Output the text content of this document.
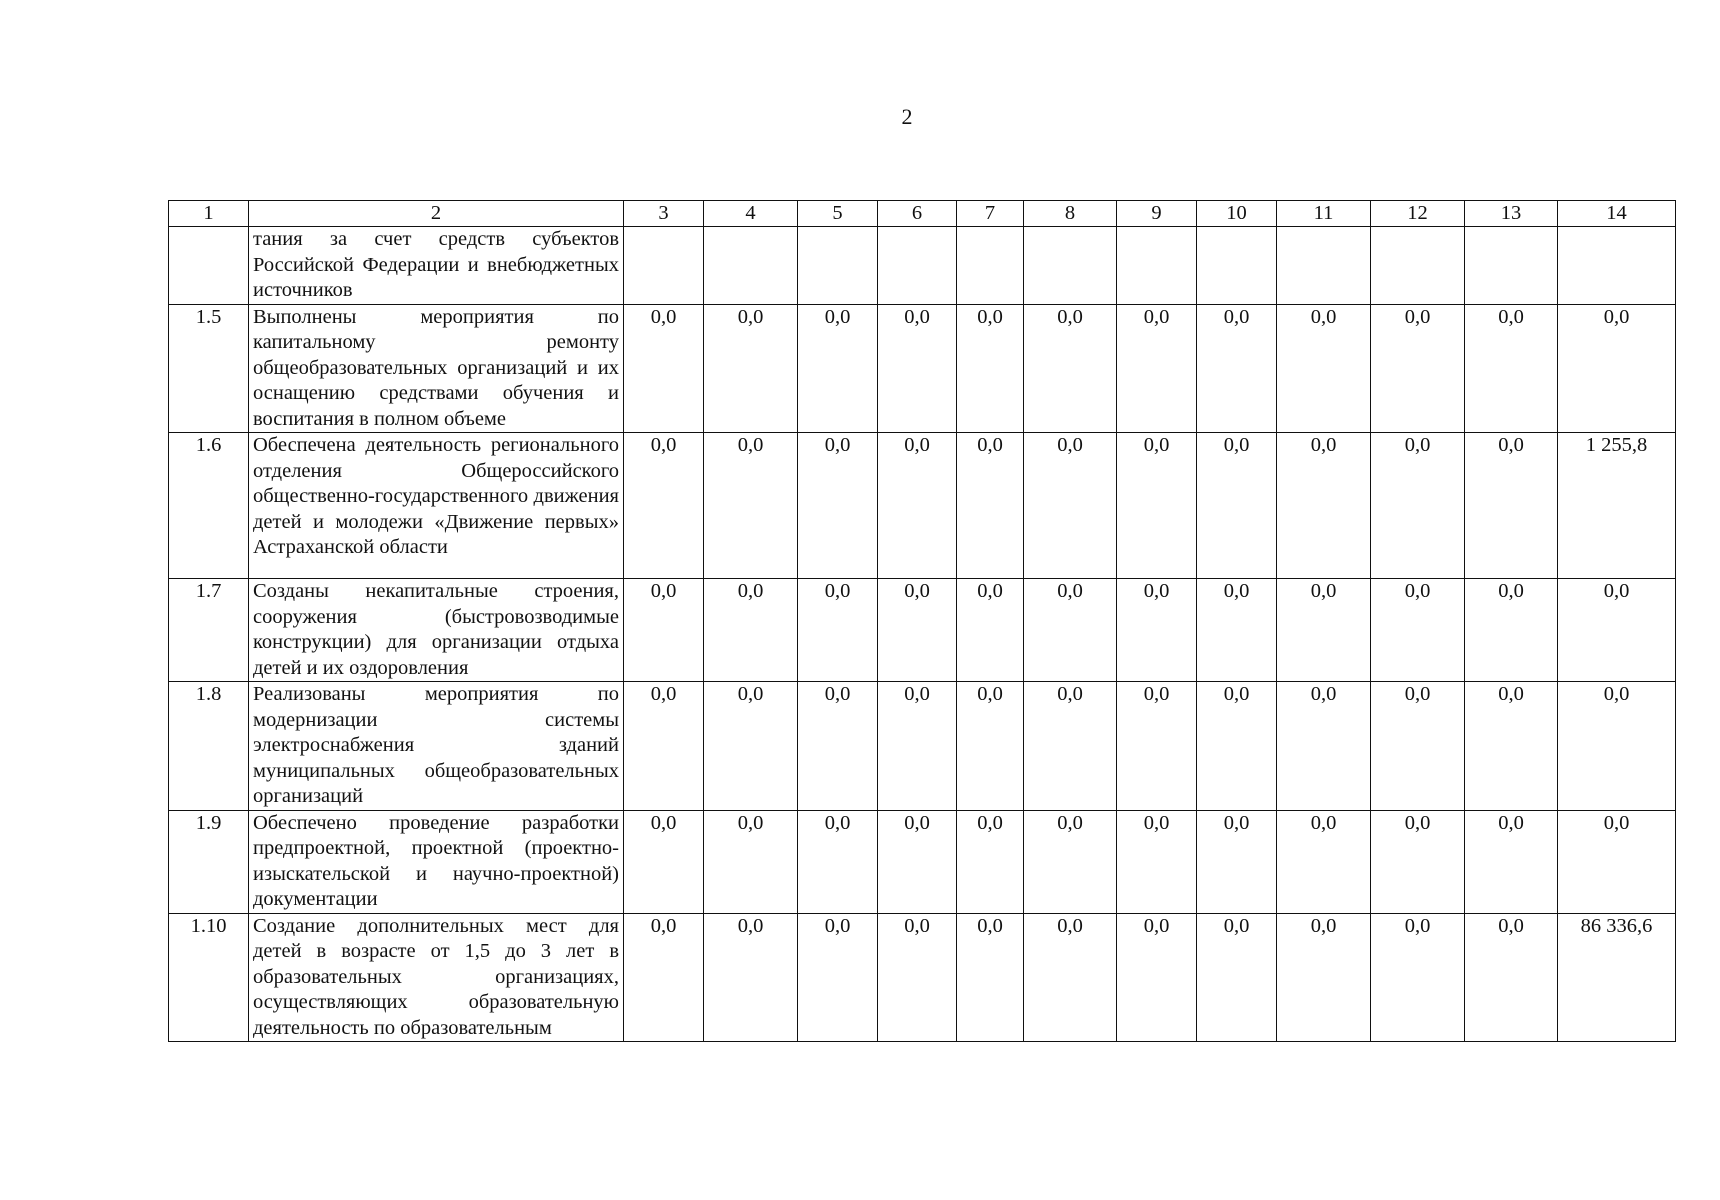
2
1	2	3	4	5	6	7	8	9	10	11	12	13	14
	тания за счет средств субъектов Российской Федерации и внебюджетных источников												
1.5	Выполнены мероприятия по капитальному ремонту общеобразовательных организаций и их оснащению средствами обучения и воспитания в полном объеме	0,0	0,0	0,0	0,0	0,0	0,0	0,0	0,0	0,0	0,0	0,0	0,0
1.6	Обеспечена деятельность регионального отделения Общероссийского общественно-государственного движения детей и молодежи «Движение первых» Астраханской области	0,0	0,0	0,0	0,0	0,0	0,0	0,0	0,0	0,0	0,0	0,0	1 255,8
1.7	Созданы некапитальные строения, сооружения (быстровозводимые конструкции) для организации отдыха детей и их оздоровления	0,0	0,0	0,0	0,0	0,0	0,0	0,0	0,0	0,0	0,0	0,0	0,0
1.8	Реализованы мероприятия по модернизации системы электроснабжения зданий муниципальных общеобразовательных организаций	0,0	0,0	0,0	0,0	0,0	0,0	0,0	0,0	0,0	0,0	0,0	0,0
1.9	Обеспечено проведение разработки предпроектной, проектной (проектно-изыскательской и научно-проектной) документации	0,0	0,0	0,0	0,0	0,0	0,0	0,0	0,0	0,0	0,0	0,0	0,0
1.10	Создание дополнительных мест для детей в возрасте от 1,5 до 3 лет в образовательных организациях, осуществляющих образовательную деятельность по образовательным	0,0	0,0	0,0	0,0	0,0	0,0	0,0	0,0	0,0	0,0	0,0	86 336,6
